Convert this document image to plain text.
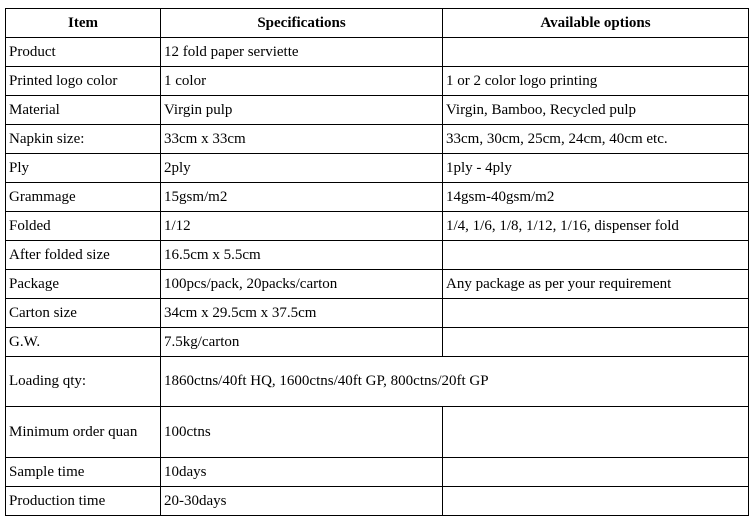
Item	Specifications	Available options
Product	12 fold paper serviette	
Printed logo color	1 color	1 or 2 color logo printing
Material	Virgin pulp	Virgin, Bamboo, Recycled pulp
Napkin size:	33cm x 33cm	33cm, 30cm, 25cm, 24cm, 40cm etc.
Ply	2ply	1ply - 4ply
Grammage	15gsm/m2	14gsm-40gsm/m2
Folded	1/12	1/4, 1/6, 1/8, 1/12, 1/16, dispenser fold
After folded size	16.5cm x 5.5cm	
Package	100pcs/pack, 20packs/carton	Any package as per your requirement
Carton size	34cm x 29.5cm x 37.5cm	
G.W.	7.5kg/carton	
Loading qty:	1860ctns/40ft HQ, 1600ctns/40ft GP, 800ctns/20ft GP	
Minimum order quan	100ctns	
Sample time	10days	
Production time	20-30days	
